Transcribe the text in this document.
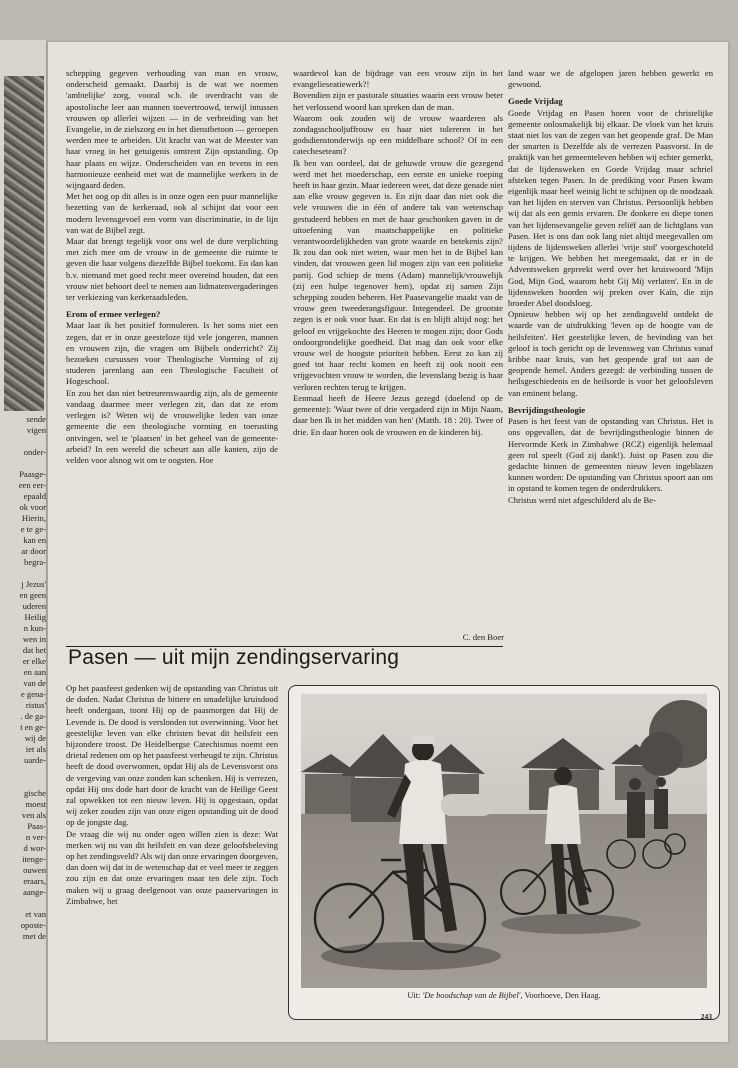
sende
vigen

onder-

Paasge-
een eer-
epaald
ok voor
Hierin,
e te ge-
kan en
ar door
begra-

j Jezus'
en geen
uderen
Heilig
n kun-
wen in
dat het
er elke
en aan
van de
e gena-
ristus'
. de ga-
t en ge-
wij de
iet als
uarde-

gische
moest
ven als
Paas-
n ver-
d wor-
itenge-
ouwen
eraars,
aange-

et van
oposte-
met de

schepping gegeven verhouding van man en vrouw, onderscheid gemaakt. Daarbij is de wat we noemen 'ambtelijke' zorg, vooral w.b. de overdracht van de apostolische leer aan mannen toevertrouwd, terwijl intussen vrouwen op allerlei wijzen — in de verbreiding van het Evangelie, in de zielszorg en in het dienstbetoon — geroepen werden mee te arbeiden. Uit kracht van wat de Meester van haar vroeg in het getuigenis omtrent Zijn opstanding. Op haar plaats en wijze. Onderscheiden van en tevens in een harmonieuze eenheid met wat de mannelijke werkers in de wijngaard deden.

Met het oog op dit alles is in onze ogen een puur mannelijke bezetting van de kerkeraad, ook al schijnt dat voor een modern levensgevoel een vorm van discriminatie, in de lijn van wat de Bijbel zegt.

Maar dat brengt tegelijk voor ons wel de dure verplichting met zich mee om de vrouw in de gemeente die ruimte te geven die haar volgens diezelfde Bijbel toekomt. En dan kan b.v. niemand met goed recht meer overeind houden, dat een vrouw niet behoort deel te nemen aan lidmatenvergaderingen ter verkiezing van kerkeraadsleden.

Erom of ermee verlegen?

Maar laat ik het positief formuleren. Is het soms niet een zegen, dat er in onze geesteloze tijd vele jongeren, mannen en vrouwen zijn, die vragen om Bijbels onderricht? Zij bezoeken cursussen voor Theologische Vorming of zij studeren jarenlang aan een Theologische Faculteit of Hogeschool.

En zou het dan niet betreurenswaardig zijn, als de gemeente vandaag daarmee meer verlegen zit, dan dat ze erom verlegen is? Weten wij de vrouwelijke leden van onze gemeente die een theologische vorming en toerusting ontvingen, wel te 'plaatsen' in het geheel van de gemeente-arbeid? In een wereld die scheurt aan alle kanten, zijn de velden voor alsnog wit om te oogsten. Hoe

waardevol kan de bijdrage van een vrouw zijn in het evangelieseatiewerk?!

Bovendien zijn er pastorale situaties waarin een vrouw beter het verlossend woord kan spreken dan de man.

Waarom ook zouden wij de vrouw waarderen als zondagsschooljuffrouw en haar niet tolereren in het godsdienstonderwijs op een middelbare school? Of in een catecheseteam?

Ik ben van oordeel, dat de gehuwde vrouw die gezegend werd met het moederschap, een eerste en unieke roeping heeft in haar gezin. Maar iedereen weet, dat deze genade niet aan elke vrouw gegeven is. En zijn daar dan niet ook die vele vrouwen die in één of andere tak van wetenschap gestudeerd hebben en met de haar geschonken gaven in de uitoefening van maatschappelijke en politieke verantwoordelijkheden van grote waarde en betekenis zijn? Ik zou dan ook niet weten, waar men het in de Bijbel kan vinden, dat vrouwen geen lid mogen zijn van een politieke partij. God schiep de mens (Adam) mannelijk/vrouwelijk (zij een hulpe tegenover hem), opdat zij samen Zijn schepping zouden beheren. Het Paasevangelie maakt van de vrouw geen tweederangsfiguur. Integendeel. De grootste zegen is er ook voor haar. En dat is en blijft altijd nog: het geloof en vrijgekochte des Heeren te mogen zijn; door Gods ondoorgrondelijke goedheid. Dat mag dan ook voor elke vrouw wel de hoogste prioriteit hebben. Eerst zo kan zij goed tot haar recht komen en heeft zij ook nooit een vrijgevochten vrouw te worden, die levenslang bezig is haar verloren rechten terug te krijgen.

Eenmaal heeft de Heere Jezus gezegd (doelend op de gemeente): 'Waar twee of drie vergaderd zijn in Mijn Naam, daar ben Ik in het midden van hen' (Matth. 18 : 20). Twee of drie. En daar horen ook de vrouwen en de kinderen bij.

C. den Boer

land waar we de afgelopen jaren hebben gewerkt en gewoond.

Goede Vrijdag

Goede Vrijdag en Pasen horen voor de christelijke gemeente onlosmakelijk bij elkaar. De vloek van het kruis staat niet los van de zegen van het geopende graf. De Man der smarten is Dezelfde als de verrezen Paasvorst. In de praktijk van het gemeenteleven hebben wij echter gemerkt, dat de lijdensweken en Goede Vrijdag maar schriel afsteken tegen Pasen. In de prediking voor Pasen kwam eigenlijk maar heel weinig licht te schijnen op de noodzaak van het lijden en sterven van Christus. Persoonlijk hebben wij dat als een gemis ervaren. De donkere en diepe tonen van het lijdensevangelie geven reliëf aan de lichtglans van Pasen. Het is ons dan ook lang niet altijd meegevallen om tijdens de lijdensweken allerlei 'vrije stof' voorgeschoteld te krijgen. We hebben het meegemaakt, dat er in de Adventsweken gepreekt werd over het kruiswoord 'Mijn God, Mijn God, waarom hebt Gij Mij verlaten'. En in de lijdensweken hoorden wij preken over Kaïn, die zijn broeder Abel doodsloeg.

Opnieuw hebben wij op het zendingsveld ontdekt de waarde van de uitdrukking 'leven op de hoogte van de heilsfeiten'. Het geestelijke leven, de bevinding van het geloof is toch gericht op de levensweg van Christus vanaf kribbe naar kruis, van het geopende graf tot aan de geopende hemel. Anders gezegd: de verbinding tussen de heilsgeschiedenis en de heilsorde is voor het geloofsleven van eminent belang.

Bevrijdingstheologie

Pasen is het feest van de opstanding van Christus. Het is ons opgevallen, dat de bevrijdingstheologie binnen de Hervormde Kerk in Zimbabwe (RCZ) eigenlijk helemaal geen rol speelt (God zij dank!). Juist op Pasen zou die gedachte binnen de gemeenten nieuw leven ingeblazen kunnen worden: De opstanding van Christus spoort aan om in opstand te komen tegen de onderdrukkers.

Christus werd niet afgeschilderd als de Be-

Pasen — uit mijn zendingservaring

Op het paasfeest gedenken wij de opstanding van Christus uit de doden. Nadat Christus de bittere en smadelijke kruisdood heeft ondergaan, toont Hij op de paasmorgen dat Hij de Levende is. De dood is verslonden tot overwinning. Voor het geestelijke leven van elke christen bevat dit heilsfeit een bijzondere troost. De Heidelbergse Catechismus noemt een drietal redenen om op het paasfeest verheugd te zijn. Christus heeft de dood overwonnen, opdat Hij als de Levensvorst ons de vergeving van onze zonden kan schenken. Hij is verrezen, opdat Hij ons dode hart door de kracht van de Heilige Geest zal opwekken tot een nieuw leven. Hij is opgestaan, opdat wij zeker zouden zijn van onze eigen opstanding uit de dood op de jongste dag.

De vraag die wij nu onder ogen willen zien is deze: Wat merken wij nu van dit heilsfeit en van deze geloofsbeleving op het zendingsveld? Als wij dan onze ervaringen doorgeven, dan doen wij dat in de wetenschap dat er veel meer te zeggen zou zijn en dat onze ervaringen maar ten dele zijn. Toch maken wij u graag deelgenoot van onze paaservaringen in Zimbabwe, het

Uit: 'De boodschap van de Bijbel', Voorhoeve, Den Haag.
243
